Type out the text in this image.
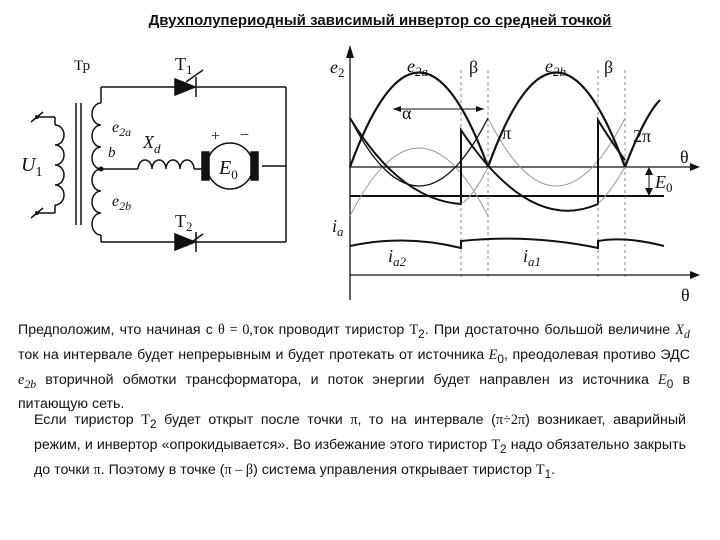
Двухполупериодный зависимый инвертор со средней точкой
Тр	$T_1$
$T_2$
$U_1$
$e_{2a}$
b
$e_{2b}$
$X_d$
$E_0$
+ −
$e_2$	$e_{2a}$	$e_{2b}$
β	β
α
π	2π
θ
$E_0$
$i_a$
$i_{a2}$	$i_{a1}$
θ

Предположим, что начиная с θ = 0,ток проводит тиристор $T_2$. При достаточно большой величине $X_d$ ток на интервале будет непрерывным и будет протекать от источника $E_0$, преодолевая противо ЭДС $e_{2b}$ вторичной обмотки трансформатора, и поток энергии будет направлен из источника $E_0$ в питающую сеть.

Если тиристор $T_2$ будет открыт после точки π, то на интервале (π÷2π) возникает, аварийный режим, и инвертор «опрокидывается». Во избежание этого тиристор $T_2$ надо обязательно закрыть до точки π. Поэтому в точке (π – β) система управления открывает тиристор $T_1$.
